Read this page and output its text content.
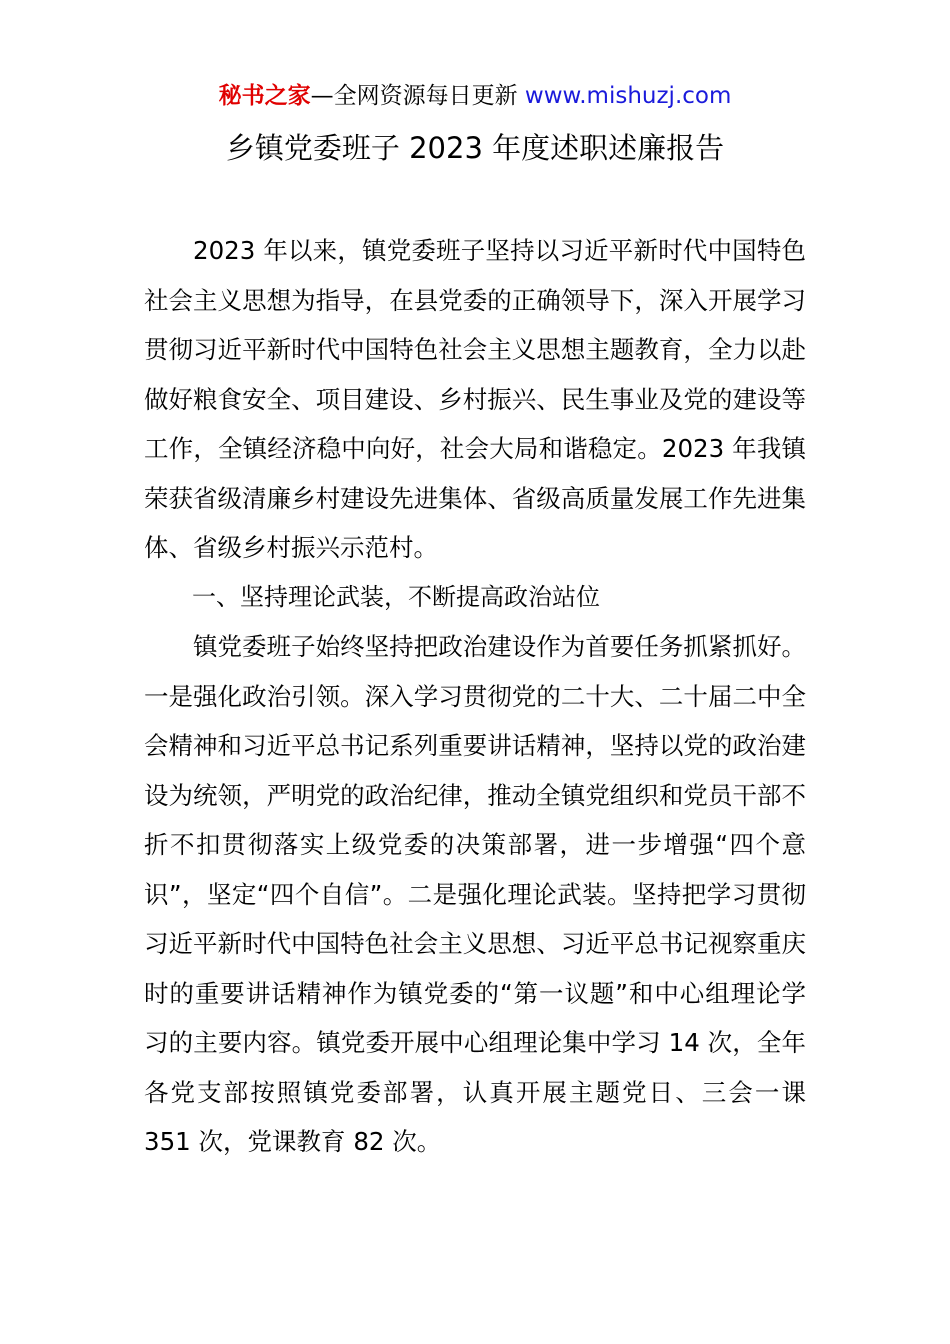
秘书之家—全网资源每日更新 www.mishuzj.com
乡镇党委班子 2023 年度述职述廉报告

2023 年以来，镇党委班子坚持以习近平新时代中国特色社会主义思想为指导，在县党委的正确领导下，深入开展学习贯彻习近平新时代中国特色社会主义思想主题教育，全力以赴做好粮食安全、项目建设、乡村振兴、民生事业及党的建设等工作，全镇经济稳中向好，社会大局和谐稳定。2023 年我镇荣获省级清廉乡村建设先进集体、省级高质量发展工作先进集体、省级乡村振兴示范村。

一、坚持理论武装，不断提高政治站位

镇党委班子始终坚持把政治建设作为首要任务抓紧抓好。一是强化政治引领。深入学习贯彻党的二十大、二十届二中全会精神和习近平总书记系列重要讲话精神，坚持以党的政治建设为统领，严明党的政治纪律，推动全镇党组织和党员干部不折不扣贯彻落实上级党委的决策部署，进一步增强“四个意识”，坚定“四个自信”。二是强化理论武装。坚持把学习贯彻习近平新时代中国特色社会主义思想、习近平总书记视察重庆时的重要讲话精神作为镇党委的“第一议题”和中心组理论学习的主要内容。镇党委开展中心组理论集中学习 14 次，全年各党支部按照镇党委部署，认真开展主题党日、三会一课 351 次，党课教育 82 次。
